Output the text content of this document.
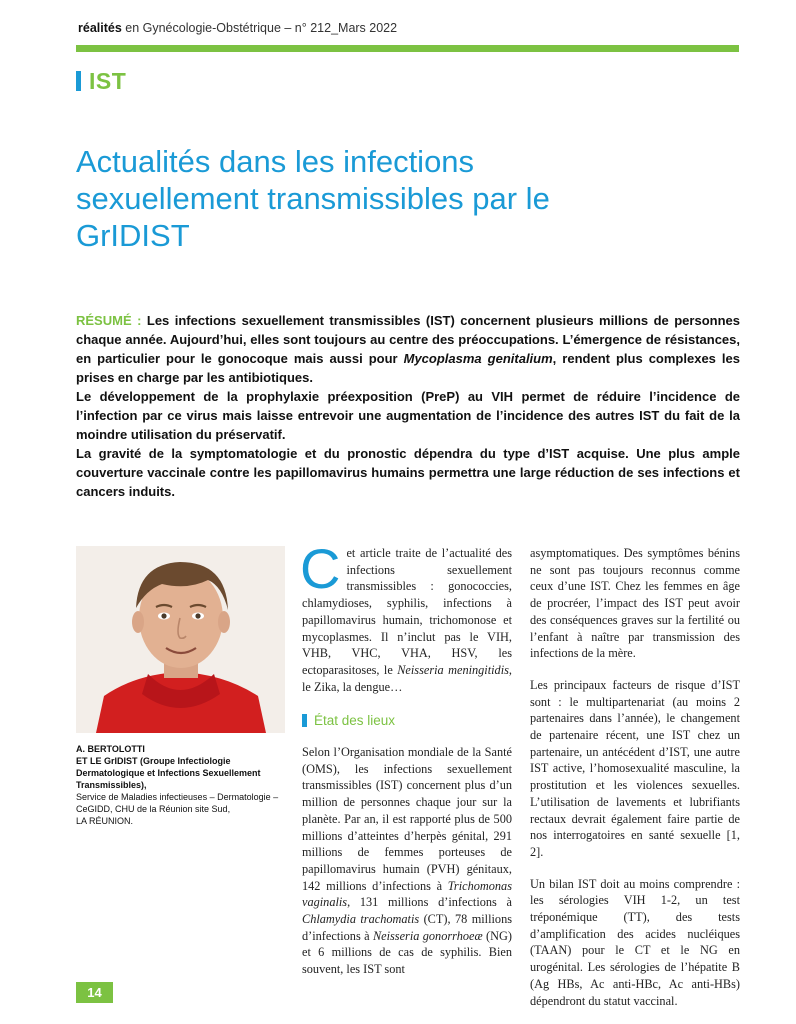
réalités en Gynécologie-Obstétrique – n° 212_Mars 2022
IST
Actualités dans les infections sexuellement transmissibles par le GrIDIST

RÉSUMÉ : Les infections sexuellement transmissibles (IST) concernent plusieurs millions de personnes chaque année. Aujourd’hui, elles sont toujours au centre des préoccupations. L’émergence de résistances, en particulier pour le gonocoque mais aussi pour Mycoplasma genitalium, rendent plus complexes les prises en charge par les antibiotiques.

Le développement de la prophylaxie préexposition (PreP) au VIH permet de réduire l’incidence de l’infection par ce virus mais laisse entrevoir une augmentation de l’incidence des autres IST du fait de la moindre utilisation du préservatif.

La gravité de la symptomatologie et du pronostic dépendra du type d’IST acquise. Une plus ample couverture vaccinale contre les papillomavirus humains permettra une large réduction de ses infections et cancers induits.

A. BERTOLOTTI
ET LE GrIDIST (Groupe Infectiologie Dermatologique et Infections Sexuellement Transmissibles),
Service de Maladies infectieuses – Dermatologie – CeGIDD, CHU de la Réunion site Sud,
LA RÉUNION.
Cet article traite de l’actualité des infections sexuellement transmissibles : gonococcies, chlamydioses, syphilis, infections à papillomavirus humain, trichomonose et mycoplasmes. Il n’inclut pas le VIH, VHB, VHC, VHA, HSV, les ectoparasitoses, le Neisseria meningitidis, le Zika, la dengue…
État des lieux

Selon l’Organisation mondiale de la Santé (OMS), les infections sexuellement transmissibles (IST) concernent plus d’un million de personnes chaque jour sur la planète. Par an, il est rapporté plus de 500 millions d’atteintes d’herpès génital, 291 millions de femmes porteuses de papillomavirus humain (PVH) génitaux, 142 millions d’infections à Trichomonas vaginalis, 131 millions d’infections à Chlamydia trachomatis (CT), 78 millions d’infections à Neisseria gonorrhoeæ (NG) et 6 millions de cas de syphilis. Bien souvent, les IST sont

asymptomatiques. Des symptômes bénins ne sont pas toujours reconnus comme ceux d’une IST. Chez les femmes en âge de procréer, l’impact des IST peut avoir des conséquences graves sur la fertilité ou l’enfant à naître par transmission des infections de la mère.

Les principaux facteurs de risque d’IST sont : le multipartenariat (au moins 2 partenaires dans l’année), le changement de partenaire récent, une IST chez un partenaire, un antécédent d’IST, une autre IST active, l’homosexualité masculine, la prostitution et les violences sexuelles. L’utilisation de lavements et lubrifiants rectaux devrait également faire partie de nos interrogatoires en santé sexuelle [1, 2].

Un bilan IST doit au moins comprendre : les sérologies VIH 1-2, un test tréponémique (TT), des tests d’amplification des acides nucléiques (TAAN) pour le CT et le NG en urogénital. Les sérologies de l’hépatite B (Ag HBs, Ac anti-HBc, Ac anti-HBs) dépendront du statut vaccinal.

14
